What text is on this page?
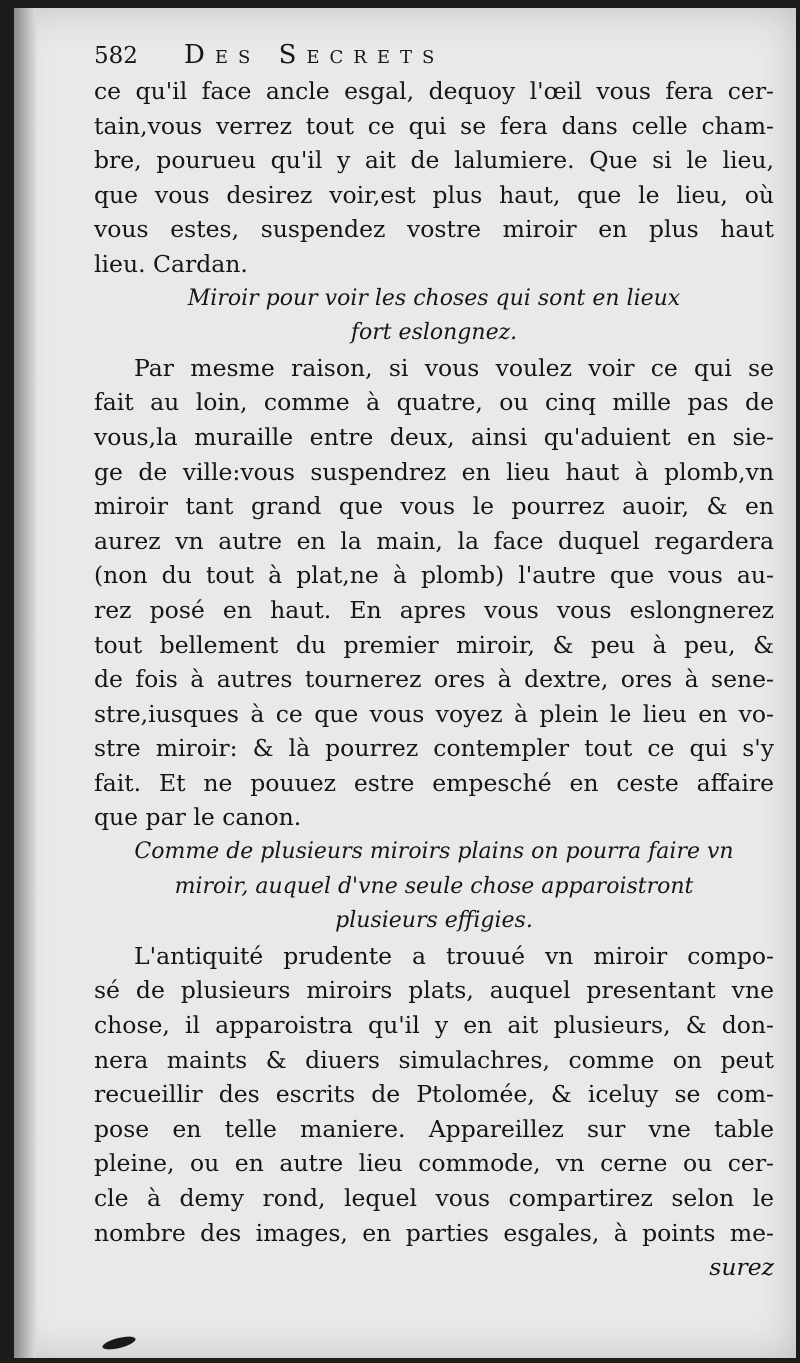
582	Des Secrets
ce qu'il face ancle esgal, dequoy l'œil vous fera cer-
tain,vous verrez tout ce qui se fera dans celle cham-
bre, pourueu qu'il y ait de lalumiere. Que si le lieu,
que vous desirez voir,est plus haut, que le lieu, où
vous estes, suspendez vostre miroir en plus haut
lieu. Cardan.
Miroir pour voir les choses qui sont en lieux
fort eslongnez.
Par mesme raison, si vous voulez voir ce qui se
fait au loin, comme à quatre, ou cinq mille pas de
vous,la muraille entre deux, ainsi qu'aduient en sie-
ge de ville:vous suspendrez en lieu haut à plomb,vn
miroir tant grand que vous le pourrez auoir, & en
aurez vn autre en la main, la face duquel regardera
(non du tout à plat,ne à plomb) l'autre que vous au-
rez posé en haut. En apres vous vous eslongnerez
tout bellement du premier miroir, & peu à peu, &
de fois à autres tournerez ores à dextre, ores à sene-
stre,iusques à ce que vous voyez à plein le lieu en vo-
stre miroir: & là pourrez contempler tout ce qui s'y
fait. Et ne pouuez estre empesché en ceste affaire
que par le canon.
Comme de plusieurs miroirs plains on pourra faire vn
miroir, auquel d'vne seule chose apparoistront
plusieurs effigies.
L'antiquité prudente a trouué vn miroir compo-
sé de plusieurs miroirs plats, auquel presentant vne
chose, il apparoistra qu'il y en ait plusieurs, & don-
nera maints & diuers simulachres, comme on peut
recueillir des escrits de Ptolomée, & iceluy se com-
pose en telle maniere. Appareillez sur vne table
pleine, ou en autre lieu commode, vn cerne ou cer-
cle à demy rond, lequel vous compartirez selon le
nombre des images, en parties esgales, à points me-
surez
